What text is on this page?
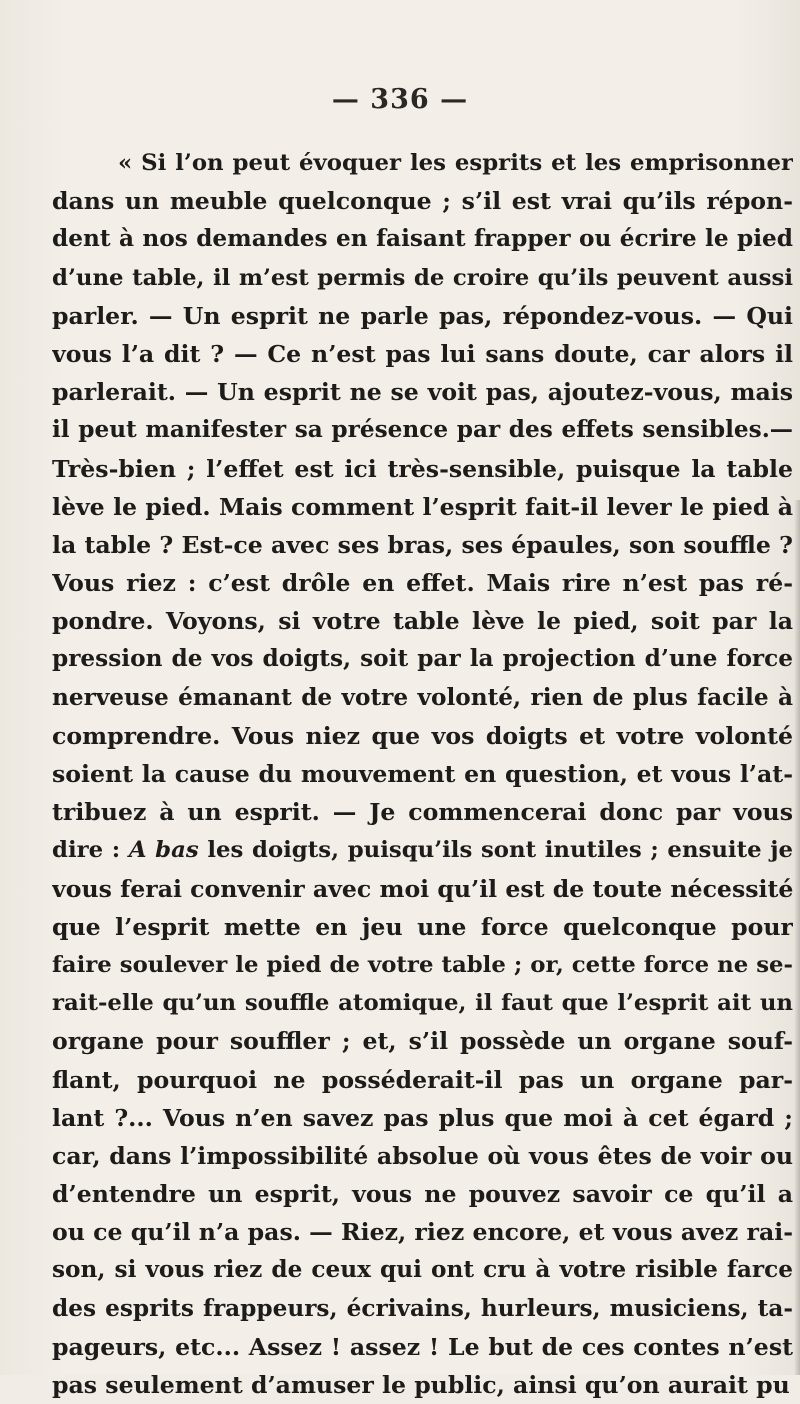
— 336 —
« Si l’on peut évoquer les esprits et les emprisonner
dans un meuble quelconque ; s’il est vrai qu’ils répon-
dent à nos demandes en faisant frapper ou écrire le pied
d’une table, il m’est permis de croire qu’ils peuvent aussi
parler. — Un esprit ne parle pas, répondez-vous. — Qui
vous l’a dit ? — Ce n’est pas lui sans doute, car alors il
parlerait. — Un esprit ne se voit pas, ajoutez-vous, mais
il peut manifester sa présence par des effets sensibles.—
Très-bien ; l’effet est ici très-sensible, puisque la table
lève le pied. Mais comment l’esprit fait-il lever le pied à
la table ? Est-ce avec ses bras, ses épaules, son souffle ?
Vous riez : c’est drôle en effet. Mais rire n’est pas ré-
pondre. Voyons, si votre table lève le pied, soit par la
pression de vos doigts, soit par la projection d’une force
nerveuse émanant de votre volonté, rien de plus facile à
comprendre. Vous niez que vos doigts et votre volonté
soient la cause du mouvement en question, et vous l’at-
tribuez à un esprit. — Je commencerai donc par vous
dire : A bas les doigts, puisqu’ils sont inutiles ; ensuite je
vous ferai convenir avec moi qu’il est de toute nécessité
que l’esprit mette en jeu une force quelconque pour
faire soulever le pied de votre table ; or, cette force ne se-
rait-elle qu’un souffle atomique, il faut que l’esprit ait un
organe pour souffler ; et, s’il possède un organe souf-
flant, pourquoi ne posséderait-il pas un organe par-
lant ?... Vous n’en savez pas plus que moi à cet égard ;
car, dans l’impossibilité absolue où vous êtes de voir ou
d’entendre un esprit, vous ne pouvez savoir ce qu’il a
ou ce qu’il n’a pas. — Riez, riez encore, et vous avez rai-
son, si vous riez de ceux qui ont cru à votre risible farce
des esprits frappeurs, écrivains, hurleurs, musiciens, ta-
pageurs, etc... Assez ! assez ! Le but de ces contes n’est
pas seulement d’amuser le public, ainsi qu’on aurait pu
